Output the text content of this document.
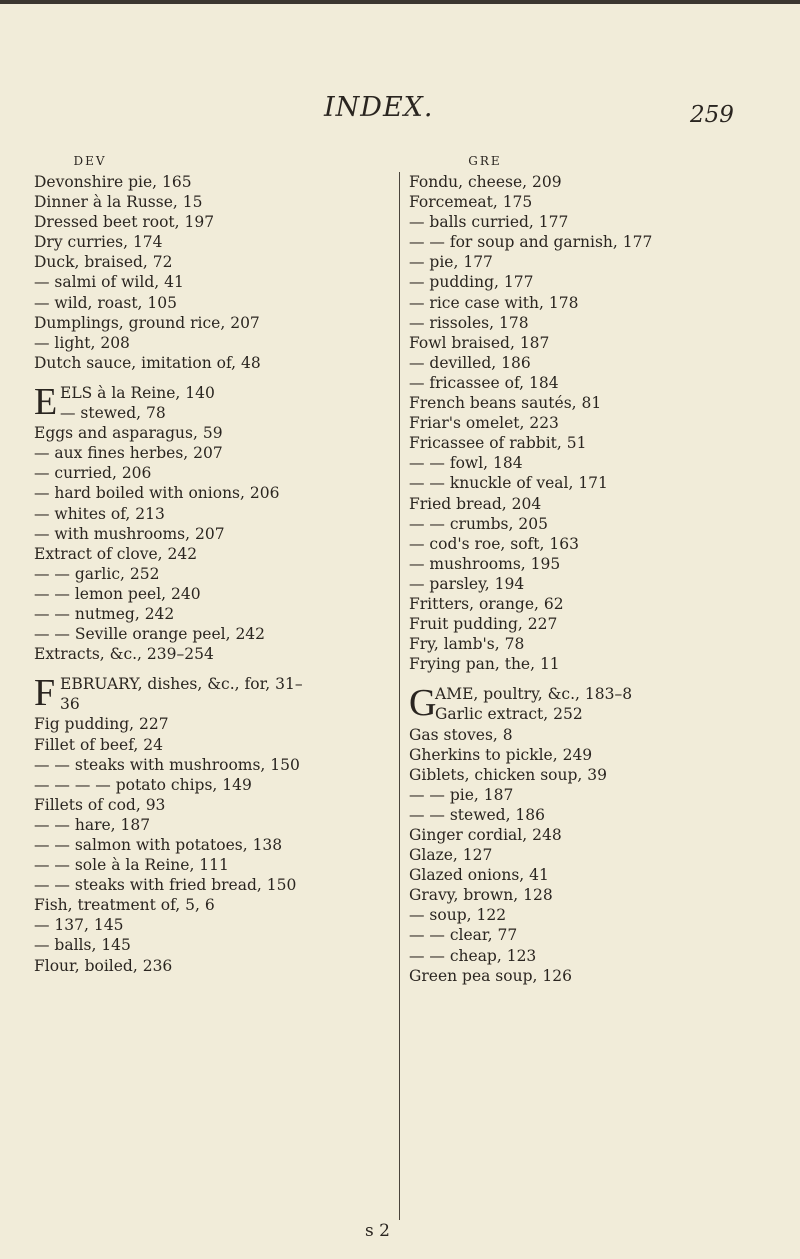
INDEX.	259
DEV
Devonshire pie, 165
Dinner à la Russe, 15
Dressed beet root, 197
Dry curries, 174
Duck, braised, 72
— salmi of wild, 41
— wild, roast, 105
Dumplings, ground rice, 207
— light, 208
Dutch sauce, imitation of, 48
E ELS à la Reine, 140
— stewed, 78
Eggs and asparagus, 59
— aux fines herbes, 207
— curried, 206
— hard boiled with onions, 206
— whites of, 213
— with mushrooms, 207
Extract of clove, 242
— — garlic, 252
— — lemon peel, 240
— — nutmeg, 242
— — Seville orange peel, 242
Extracts, &c., 239–254
F EBRUARY, dishes, &c., for, 31–
36
Fig pudding, 227
Fillet of beef, 24
— — steaks with mushrooms, 150
— — — — potato chips, 149
Fillets of cod, 93
— — hare, 187
— — salmon with potatoes, 138
— — sole à la Reine, 111
— — steaks with fried bread, 150
Fish, treatment of, 5, 6
— 137, 145
— balls, 145
Flour, boiled, 236
GRE
Fondu, cheese, 209
Forcemeat, 175
— balls curried, 177
— — for soup and garnish, 177
— pie, 177
— pudding, 177
— rice case with, 178
— rissoles, 178
Fowl braised, 187
— devilled, 186
— fricassee of, 184
French beans sautés, 81
Friar's omelet, 223
Fricassee of rabbit, 51
— — fowl, 184
— — knuckle of veal, 171
Fried bread, 204
— — crumbs, 205
— cod's roe, soft, 163
— mushrooms, 195
— parsley, 194
Fritters, orange, 62
Fruit pudding, 227
Fry, lamb's, 78
Frying pan, the, 11
G
AME, poultry, &c., 183–8
Garlic extract, 252
Gas stoves, 8
Gherkins to pickle, 249
Giblets, chicken soup, 39
— — pie, 187
— — stewed, 186
Ginger cordial, 248
Glaze, 127
Glazed onions, 41
Gravy, brown, 128
— soup, 122
— — clear, 77
— — cheap, 123
Green pea soup, 126
s 2
